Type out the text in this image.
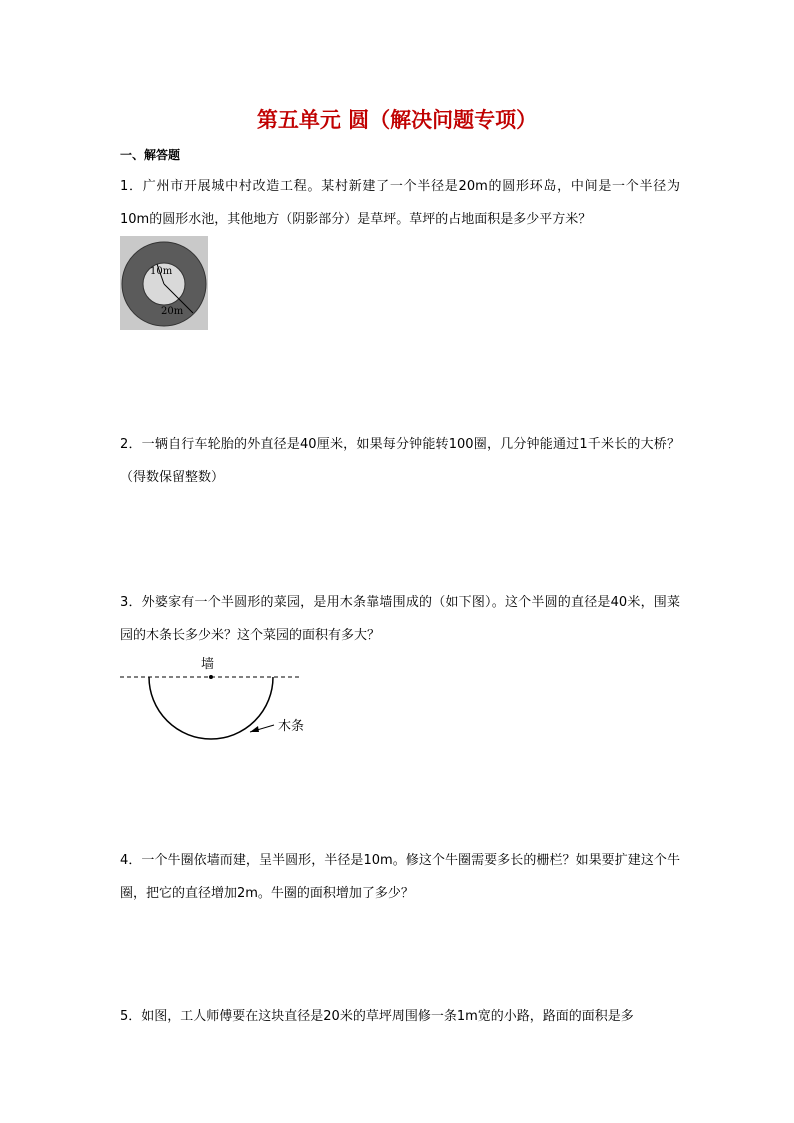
第五单元 圆（解决问题专项）
一、解答题
1．广州市开展城中村改造工程。某村新建了一个半径是20m的圆形环岛，中间是一个半径为10m的圆形水池，其他地方（阴影部分）是草坪。草坪的占地面积是多少平方米？
10m
20m
2．一辆自行车轮胎的外直径是40厘米，如果每分钟能转100圈，几分钟能通过1千米长的大桥？（得数保留整数）
3．外婆家有一个半圆形的菜园，是用木条靠墙围成的（如下图）。这个半圆的直径是40米，围菜园的木条长多少米？这个菜园的面积有多大？
墙
木条
4．一个牛圈依墙而建，呈半圆形，半径是10m。修这个牛圈需要多长的栅栏？如果要扩建这个牛圈，把它的直径增加2m。牛圈的面积增加了多少？
5．如图，工人师傅要在这块直径是20米的草坪周围修一条1m宽的小路，路面的面积是多
